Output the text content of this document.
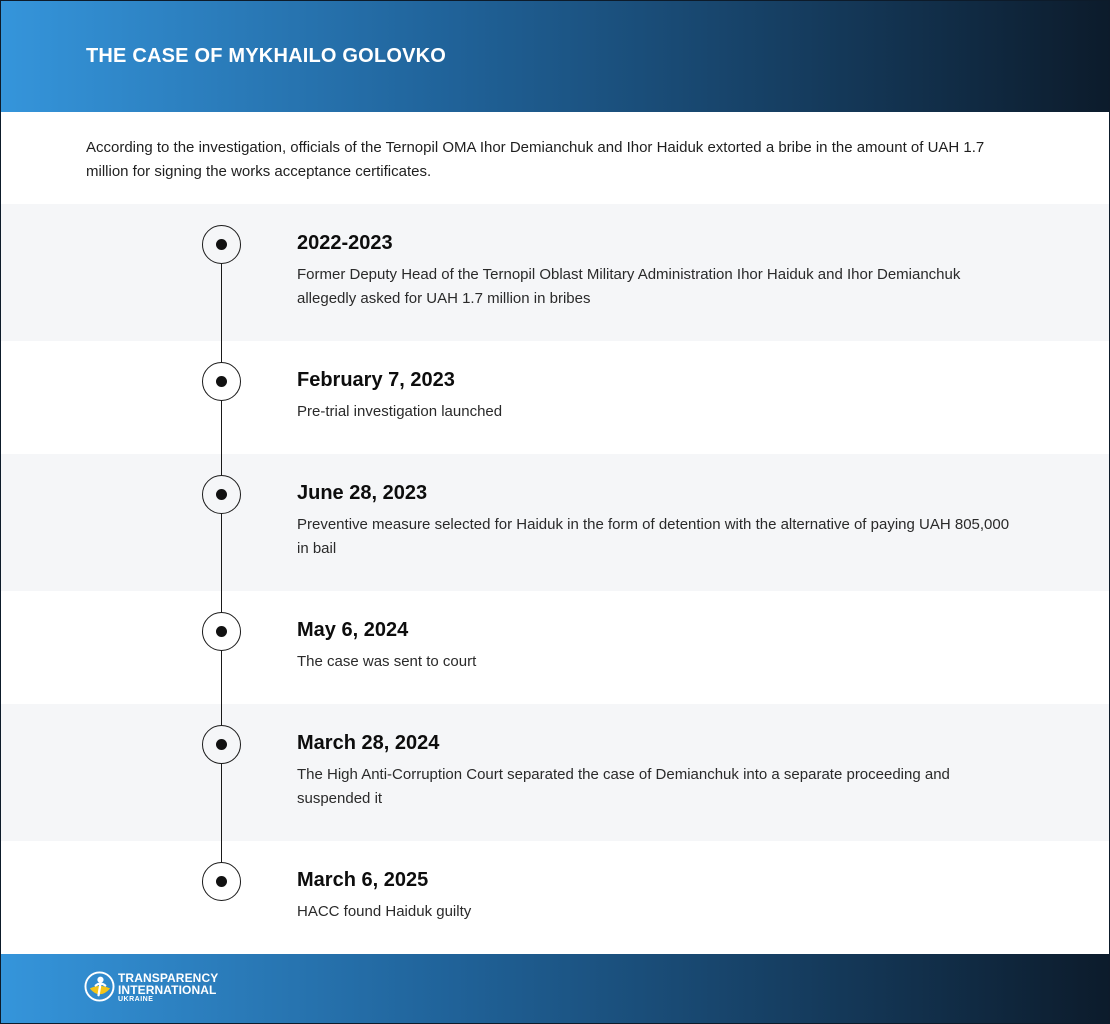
THE CASE OF MYKHAILO GOLOVKO

According to the investigation, officials of the Ternopil OMA Ihor Demianchuk and Ihor Haiduk extorted a bribe in the amount of UAH 1.7 million for signing the works acceptance certificates.

2022-2023
Former Deputy Head of the Ternopil Oblast Military Administration Ihor Haiduk and Ihor Demianchuk allegedly asked for UAH 1.7 million in bribes
February 7, 2023
Pre-trial investigation launched
June 28, 2023
Preventive measure selected for Haiduk in the form of detention with the alternative of paying UAH 805,000 in bail
May 6, 2024
The case was sent to court
March 28, 2024
The High Anti-Corruption Court separated the case of Demianchuk into a separate proceeding and suspended it
March 6, 2025
HACC found Haiduk guilty
TRANSPARENCY
INTERNATIONAL
UKRAINE
